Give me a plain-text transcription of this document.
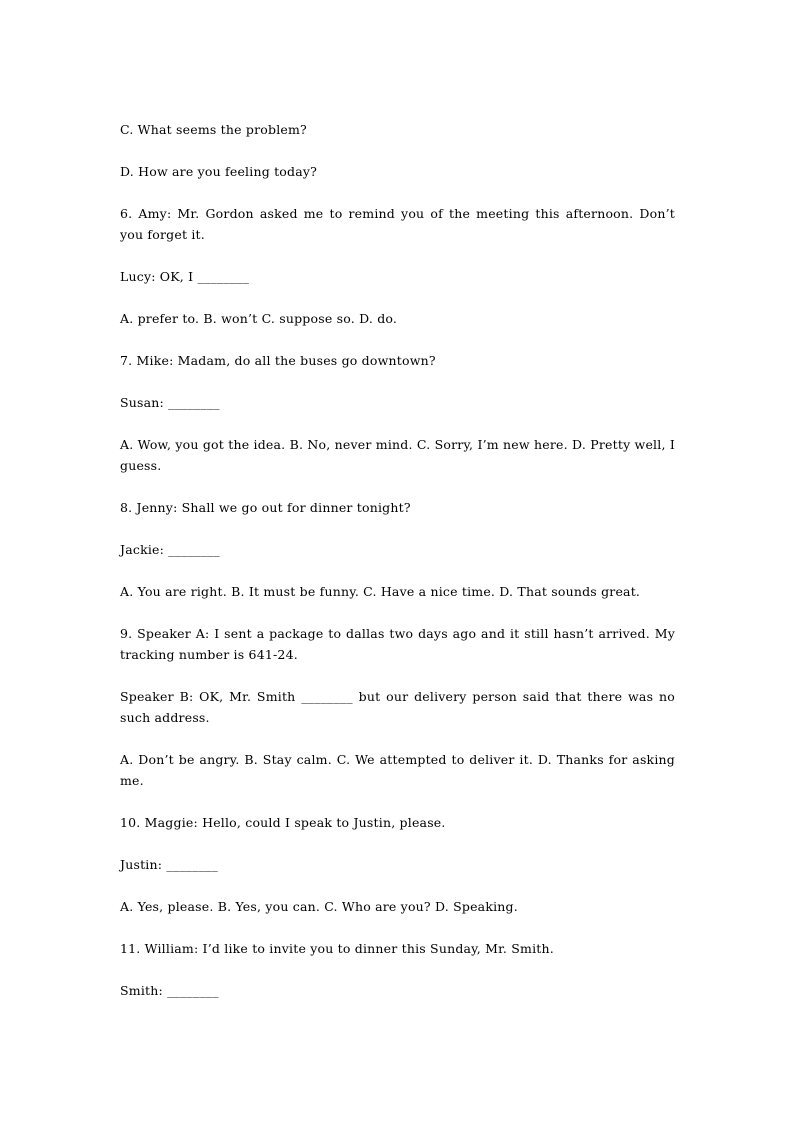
C. What seems the problem?

D. How are you feeling today?

6. Amy: Mr. Gordon asked me to remind you of the meeting this afternoon. Don’t you forget it.

Lucy: OK, I ________

A. prefer to. B. won’t C. suppose so. D. do.

7. Mike: Madam, do all the buses go downtown?

Susan: ________

A. Wow, you got the idea. B. No, never mind. C. Sorry, I’m new here. D. Pretty well, I guess.

8. Jenny: Shall we go out for dinner tonight?

Jackie: ________

A. You are right. B. It must be funny. C. Have a nice time. D. That sounds great.

9. Speaker A: I sent a package to dallas two days ago and it still hasn’t arrived. My tracking number is 641-24.

Speaker B: OK, Mr. Smith ________ but our delivery person said that there was no such address.

A. Don’t be angry. B. Stay calm. C. We attempted to deliver it. D. Thanks for asking me.

10. Maggie: Hello, could I speak to Justin, please.

Justin: ________

A. Yes, please. B. Yes, you can. C. Who are you? D. Speaking.

11. William: I’d like to invite you to dinner this Sunday, Mr. Smith.

Smith: ________
